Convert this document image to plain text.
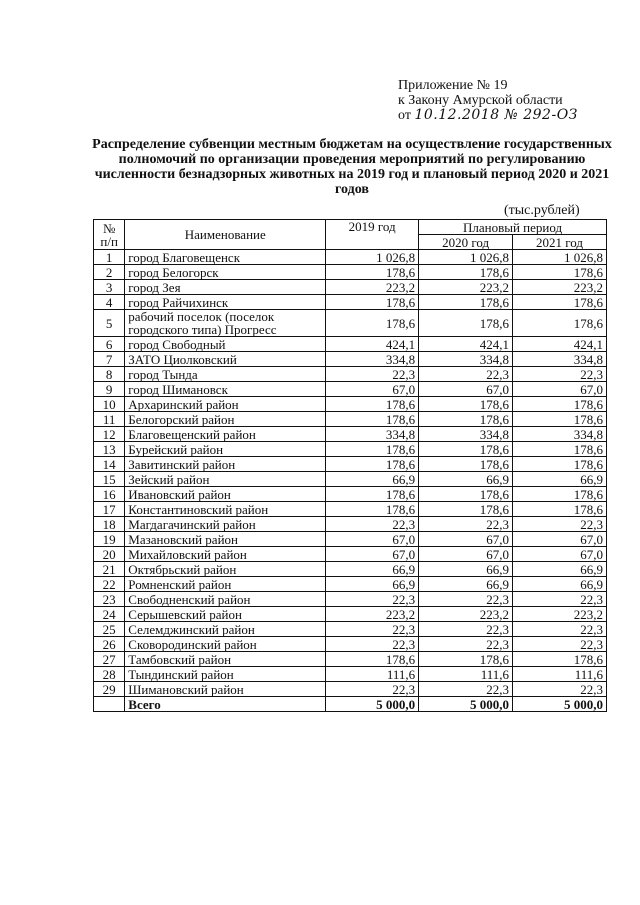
Приложение № 19
к Закону Амурской области
от 10.12.2018 № 292-ОЗ
Распределение субвенции местным бюджетам на осуществление государственных полномочий по организации проведения мероприятий по регулированию численности безнадзорных животных на 2019 год и плановый период 2020 и 2021 годов
(тыс.рублей)
№ п/п	Наименование	2019 год	Плановый период	
			2020 год	2021 год
1	город Благовещенск	1 026,8	1 026,8	1 026,8
2	город Белогорск	178,6	178,6	178,6
3	город Зея	223,2	223,2	223,2
4	город Райчихинск	178,6	178,6	178,6
5	рабочий поселок (поселок городского типа) Прогресс	178,6	178,6	178,6
6	город Свободный	424,1	424,1	424,1
7	ЗАТО Циолковский	334,8	334,8	334,8
8	город Тында	22,3	22,3	22,3
9	город Шимановск	67,0	67,0	67,0
10	Архаринский район	178,6	178,6	178,6
11	Белогорский район	178,6	178,6	178,6
12	Благовещенский район	334,8	334,8	334,8
13	Бурейский район	178,6	178,6	178,6
14	Завитинский район	178,6	178,6	178,6
15	Зейский район	66,9	66,9	66,9
16	Ивановский район	178,6	178,6	178,6
17	Константиновский район	178,6	178,6	178,6
18	Магдагачинский район	22,3	22,3	22,3
19	Мазановский район	67,0	67,0	67,0
20	Михайловский район	67,0	67,0	67,0
21	Октябрьский район	66,9	66,9	66,9
22	Ромненский район	66,9	66,9	66,9
23	Свободненский район	22,3	22,3	22,3
24	Серышевский район	223,2	223,2	223,2
25	Селемджинский район	22,3	22,3	22,3
26	Сковородинский район	22,3	22,3	22,3
27	Тамбовский район	178,6	178,6	178,6
28	Тындинский район	111,6	111,6	111,6
29	Шимановский район	22,3	22,3	22,3
	Всего	5 000,0	5 000,0	5 000,0
